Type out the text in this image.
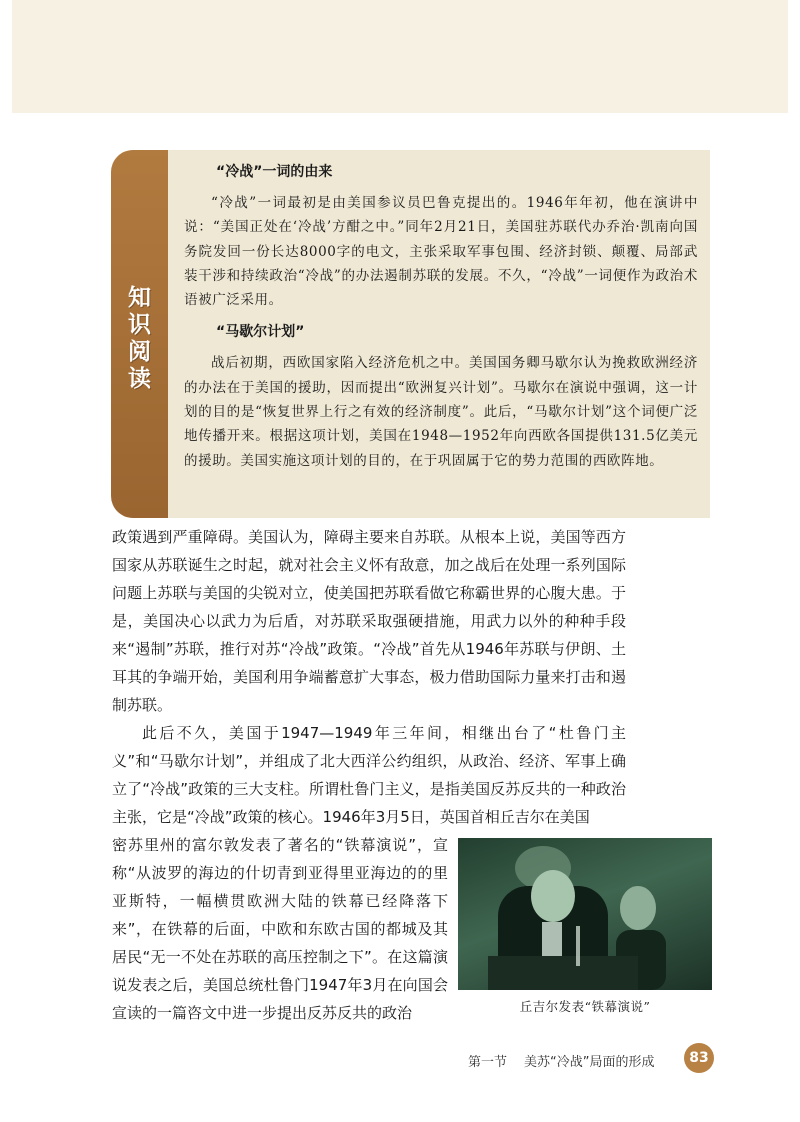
知
识
阅
读
“冷战”一词的由来

“冷战”一词最初是由美国参议员巴鲁克提出的。1946年年初，他在演讲中说：“美国正处在‘冷战’方酣之中。”同年2月21日，美国驻苏联代办乔治·凯南向国务院发回一份长达8000字的电文，主张采取军事包围、经济封锁、颠覆、局部武装干涉和持续政治“冷战”的办法遏制苏联的发展。不久，“冷战”一词便作为政治术语被广泛采用。

“马歇尔计划”

战后初期，西欧国家陷入经济危机之中。美国国务卿马歇尔认为挽救欧洲经济的办法在于美国的援助，因而提出“欧洲复兴计划”。马歇尔在演说中强调，这一计划的目的是“恢复世界上行之有效的经济制度”。此后，“马歇尔计划”这个词便广泛地传播开来。根据这项计划，美国在1948—1952年向西欧各国提供131.5亿美元的援助。美国实施这项计划的目的，在于巩固属于它的势力范围的西欧阵地。

政策遇到严重障碍。美国认为，障碍主要来自苏联。从根本上说，美国等西方国家从苏联诞生之时起，就对社会主义怀有敌意，加之战后在处理一系列国际问题上苏联与美国的尖锐对立，使美国把苏联看做它称霸世界的心腹大患。于是，美国决心以武力为后盾，对苏联采取强硬措施，用武力以外的种种手段来“遏制”苏联，推行对苏“冷战”政策。“冷战”首先从1946年苏联与伊朗、土耳其的争端开始，美国利用争端蓄意扩大事态，极力借助国际力量来打击和遏制苏联。

此后不久，美国于1947—1949年三年间，相继出台了“杜鲁门主义”和“马歇尔计划”，并组成了北大西洋公约组织，从政治、经济、军事上确立了“冷战”政策的三大支柱。所谓杜鲁门主义，是指美国反苏反共的一种政治主张，它是“冷战”政策的核心。1946年3月5日，英国首相丘吉尔在美国

密苏里州的富尔敦发表了著名的“铁幕演说”，宣称“从波罗的海边的什切青到亚得里亚海边的的里亚斯特，一幅横贯欧洲大陆的铁幕已经降落下来”，在铁幕的后面，中欧和东欧古国的都城及其居民“无一不处在苏联的高压控制之下”。在这篇演说发表之后，美国总统杜鲁门1947年3月在向国会宣读的一篇咨文中进一步提出反苏反共的政治	丘吉尔发表“铁幕演说”
第一节 美苏“冷战”局面的形成	83
